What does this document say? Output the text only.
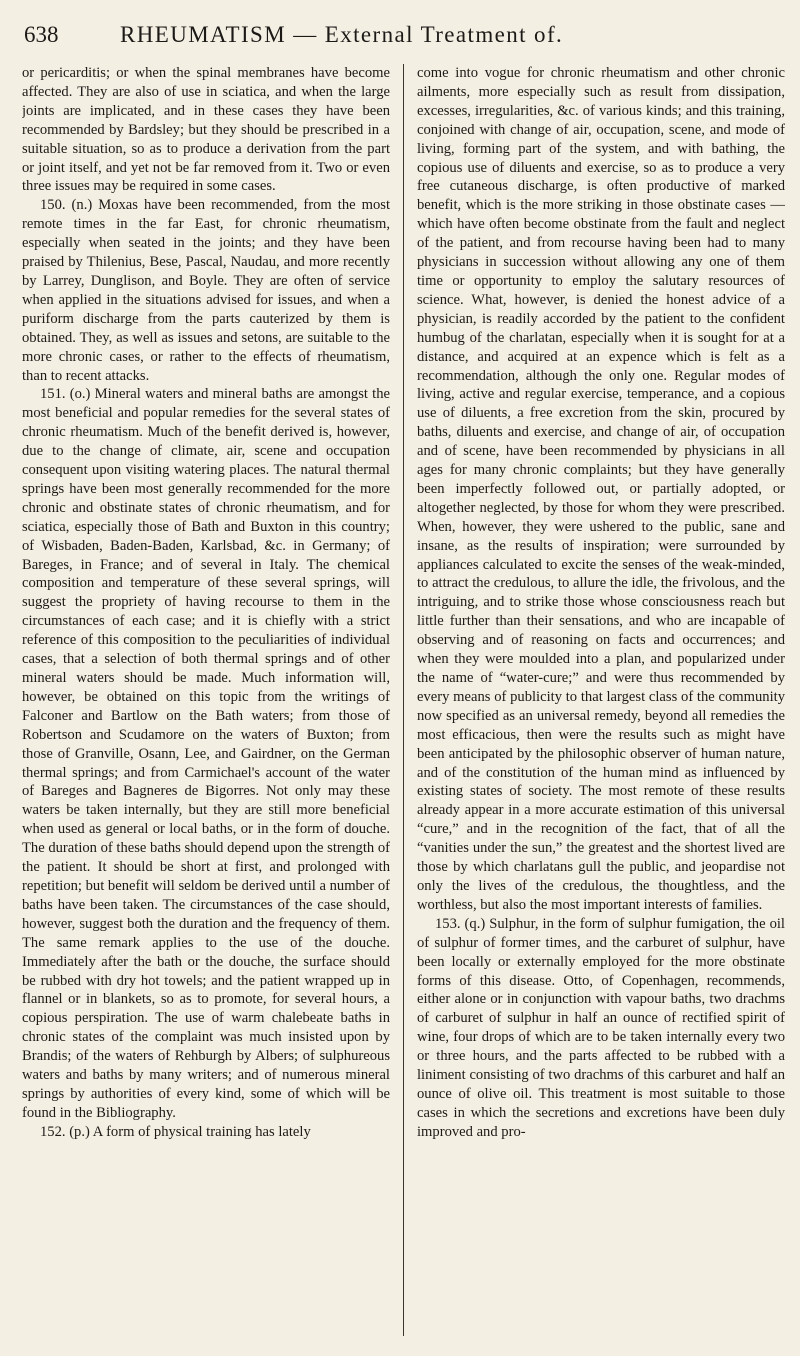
638	RHEUMATISM — External Treatment of.

or pericarditis; or when the spinal membranes have become affected. They are also of use in sciatica, and when the large joints are implicated, and in these cases they have been recommended by Bardsley; but they should be prescribed in a suitable situation, so as to produce a derivation from the part or joint itself, and yet not be far removed from it. Two or even three issues may be required in some cases.

150. (n.) Moxas have been recommended, from the most remote times in the far East, for chronic rheumatism, especially when seated in the joints; and they have been praised by Thilenius, Bese, Pascal, Naudau, and more recently by Larrey, Dunglison, and Boyle. They are often of service when applied in the situations advised for issues, and when a puriform discharge from the parts cauterized by them is obtained. They, as well as issues and setons, are suitable to the more chronic cases, or rather to the effects of rheumatism, than to recent attacks.

151. (o.) Mineral waters and mineral baths are amongst the most beneficial and popular remedies for the several states of chronic rheumatism. Much of the benefit derived is, however, due to the change of climate, air, scene and occupation consequent upon visiting watering places. The natural thermal springs have been most generally recommended for the more chronic and obstinate states of chronic rheumatism, and for sciatica, especially those of Bath and Buxton in this country; of Wisbaden, Baden-Baden, Karlsbad, &c. in Germany; of Bareges, in France; and of several in Italy. The chemical composition and temperature of these several springs, will suggest the propriety of having recourse to them in the circumstances of each case; and it is chiefly with a strict reference of this composition to the peculiarities of individual cases, that a selection of both thermal springs and of other mineral waters should be made. Much information will, however, be obtained on this topic from the writings of Falconer and Bartlow on the Bath waters; from those of Robertson and Scudamore on the waters of Buxton; from those of Granville, Osann, Lee, and Gairdner, on the German thermal springs; and from Carmichael's account of the water of Bareges and Bagneres de Bigorres. Not only may these waters be taken internally, but they are still more beneficial when used as general or local baths, or in the form of douche. The duration of these baths should depend upon the strength of the patient. It should be short at first, and prolonged with repetition; but benefit will seldom be derived until a number of baths have been taken. The circumstances of the case should, however, suggest both the duration and the frequency of them. The same remark applies to the use of the douche. Immediately after the bath or the douche, the surface should be rubbed with dry hot towels; and the patient wrapped up in flannel or in blankets, so as to promote, for several hours, a copious perspiration. The use of warm chalebeate baths in chronic states of the complaint was much insisted upon by Brandis; of the waters of Rehburgh by Albers; of sulphureous waters and baths by many writers; and of numerous mineral springs by authorities of every kind, some of which will be found in the Bibliography.

152. (p.) A form of physical training has lately

come into vogue for chronic rheumatism and other chronic ailments, more especially such as result from dissipation, excesses, irregularities, &c. of various kinds; and this training, conjoined with change of air, occupation, scene, and mode of living, forming part of the system, and with bathing, the copious use of diluents and exercise, so as to produce a very free cutaneous discharge, is often productive of marked benefit, which is the more striking in those obstinate cases — which have often become obstinate from the fault and neglect of the patient, and from recourse having been had to many physicians in succession without allowing any one of them time or opportunity to employ the salutary resources of science. What, however, is denied the honest advice of a physician, is readily accorded by the patient to the confident humbug of the charlatan, especially when it is sought for at a distance, and acquired at an expence which is felt as a recommendation, although the only one. Regular modes of living, active and regular exercise, temperance, and a copious use of diluents, a free excretion from the skin, procured by baths, diluents and exercise, and change of air, of occupation and of scene, have been recommended by physicians in all ages for many chronic complaints; but they have generally been imperfectly followed out, or partially adopted, or altogether neglected, by those for whom they were prescribed. When, however, they were ushered to the public, sane and insane, as the results of inspiration; were surrounded by appliances calculated to excite the senses of the weak-minded, to attract the credulous, to allure the idle, the frivolous, and the intriguing, and to strike those whose consciousness reach but little further than their sensations, and who are incapable of observing and of reasoning on facts and occurrences; and when they were moulded into a plan, and popularized under the name of “water-cure;” and were thus recommended by every means of publicity to that largest class of the community now specified as an universal remedy, beyond all remedies the most efficacious, then were the results such as might have been anticipated by the philosophic observer of human nature, and of the constitution of the human mind as influenced by existing states of society. The most remote of these results already appear in a more accurate estimation of this universal “cure,” and in the recognition of the fact, that of all the “vanities under the sun,” the greatest and the shortest lived are those by which charlatans gull the public, and jeopardise not only the lives of the credulous, the thoughtless, and the worthless, but also the most important interests of families.

153. (q.) Sulphur, in the form of sulphur fumigation, the oil of sulphur of former times, and the carburet of sulphur, have been locally or externally employed for the more obstinate forms of this disease. Otto, of Copenhagen, recommends, either alone or in conjunction with vapour baths, two drachms of carburet of sulphur in half an ounce of rectified spirit of wine, four drops of which are to be taken internally every two or three hours, and the parts affected to be rubbed with a liniment consisting of two drachms of this carburet and half an ounce of olive oil. This treatment is most suitable to those cases in which the secretions and excretions have been duly improved and pro-
